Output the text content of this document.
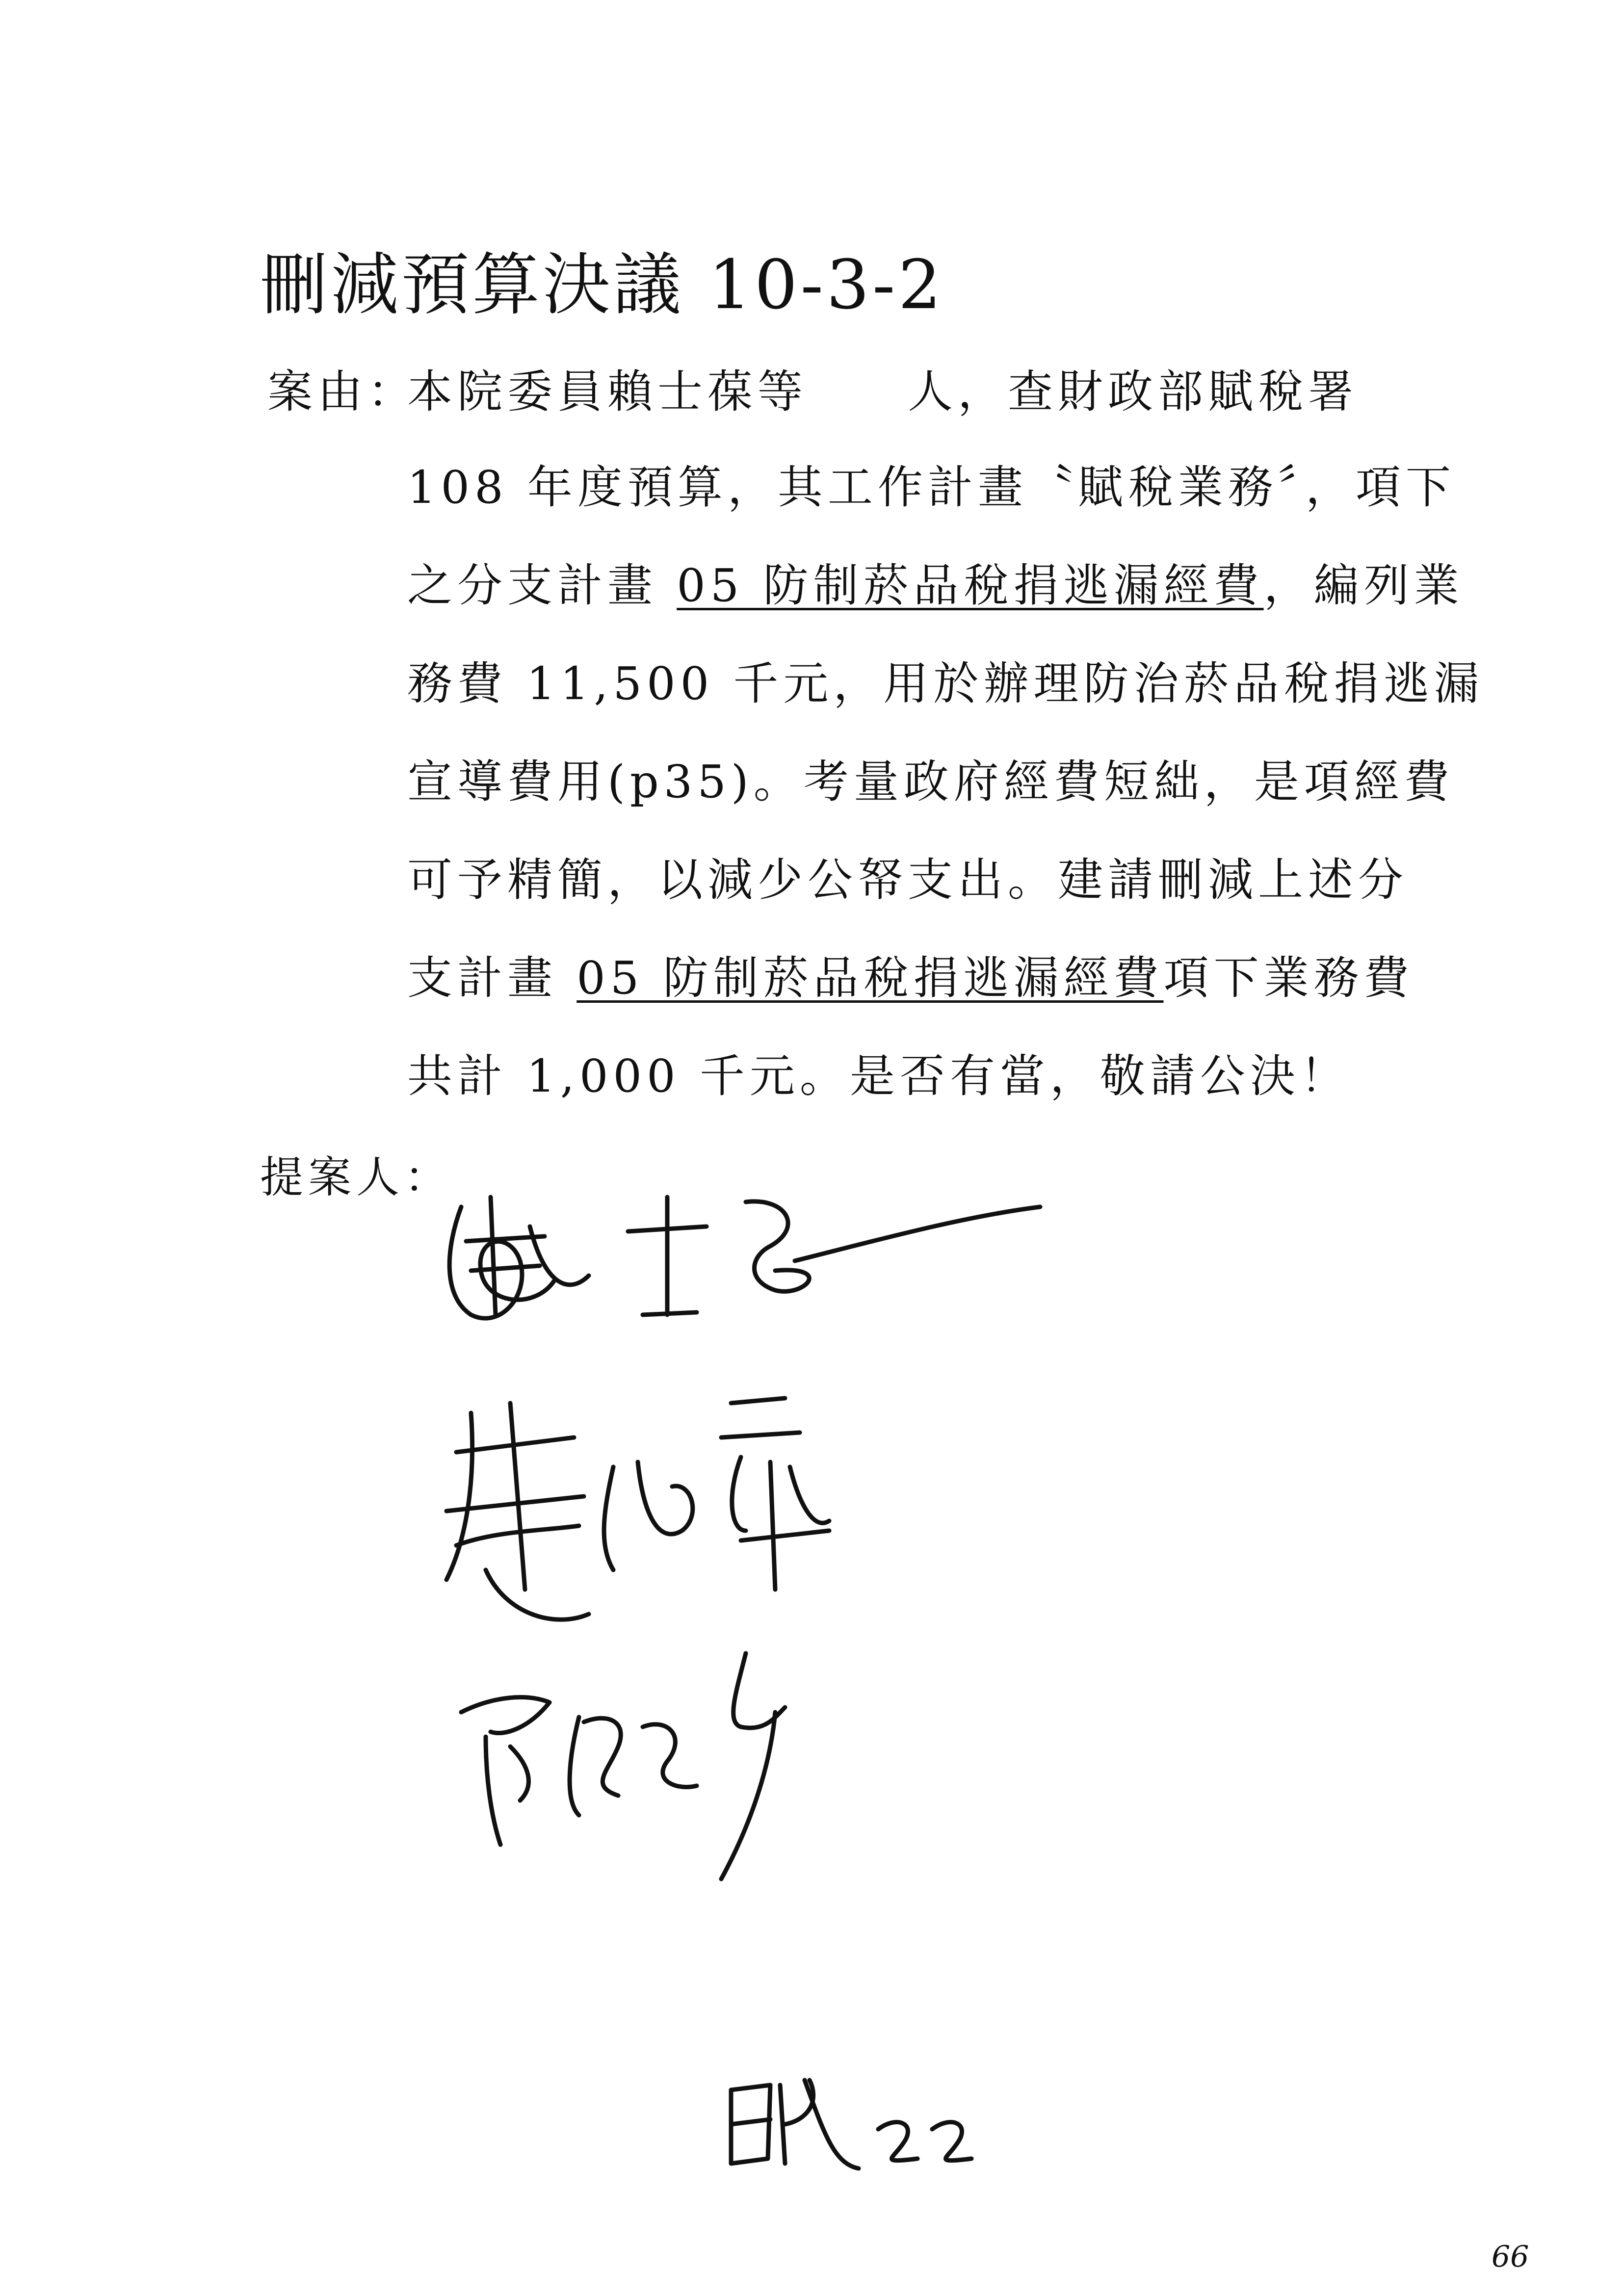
刪減預算決議 10-3-2
案由：
本院委員賴士葆等　　人，查財政部賦稅署
108 年度預算，其工作計畫〝賦稅業務〞，項下
之分支計畫 05 防制菸品稅捐逃漏經費，編列業
務費 11,500 千元，用於辦理防治菸品稅捐逃漏
宣導費用(p35)。考量政府經費短絀，是項經費
可予精簡，以減少公帑支出。建請刪減上述分
支計畫 05 防制菸品稅捐逃漏經費項下業務費
共計 1,000 千元。是否有當，敬請公決！
提案人：
66
